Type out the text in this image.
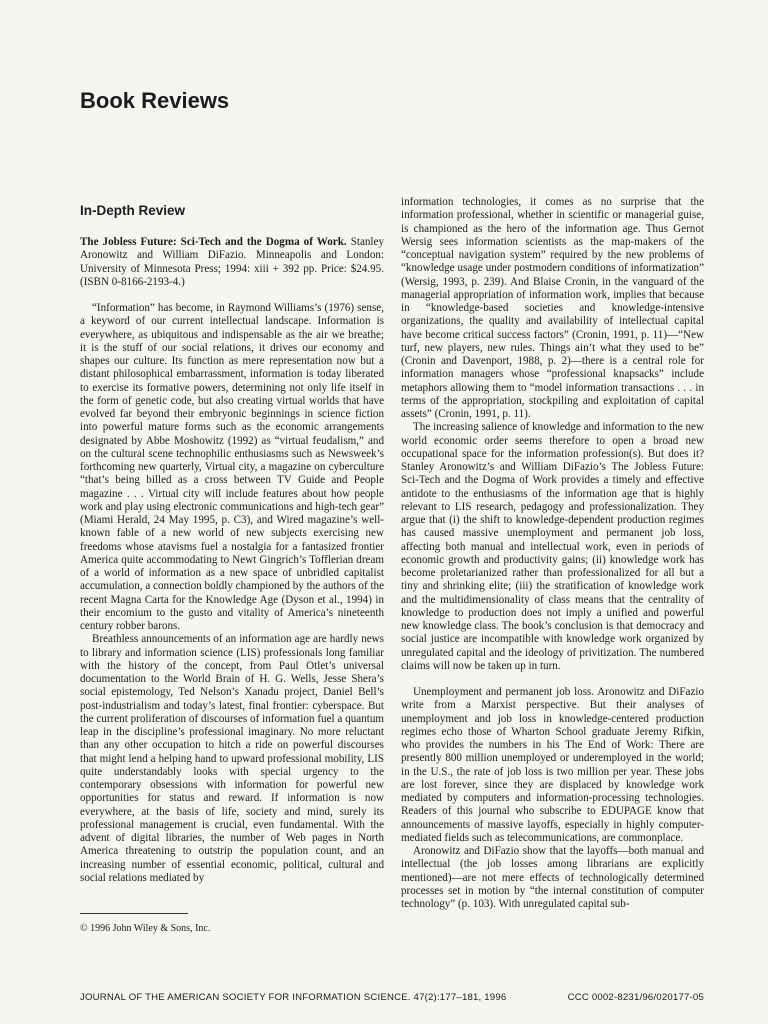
Book Reviews
In-Depth Review

The Jobless Future: Sci-Tech and the Dogma of Work. Stanley Aronowitz and William DiFazio. Minneapolis and London: University of Minnesota Press; 1994: xiii + 392 pp. Price: $24.95. (ISBN 0-8166-2193-4.)

“Information” has become, in Raymond Williams’s (1976) sense, a keyword of our current intellectual landscape. Information is everywhere, as ubiquitous and indispensable as the air we breathe; it is the stuff of our social relations, it drives our economy and shapes our culture. Its function as mere representation now but a distant philosophical embarrassment, information is today liberated to exercise its formative powers, determining not only life itself in the form of genetic code, but also creating virtual worlds that have evolved far beyond their embryonic beginnings in science fiction into powerful mature forms such as the economic arrangements designated by Abbe Moshowitz (1992) as “virtual feudalism,” and on the cultural scene technophilic enthusiasms such as Newsweek’s forthcoming new quarterly, Virtual city, a magazine on cyberculture “that’s being billed as a cross between TV Guide and People magazine . . . Virtual city will include features about how people work and play using electronic communications and high-tech gear” (Miami Herald, 24 May 1995, p. C3), and Wired magazine’s well-known fable of a new world of new subjects exercising new freedoms whose atavisms fuel a nostalgia for a fantasized frontier America quite accommodating to Newt Gingrich’s Tofflerian dream of a world of information as a new space of unbridled capitalist accumulation, a connection boldly championed by the authors of the recent Magna Carta for the Knowledge Age (Dyson et al., 1994) in their encomium to the gusto and vitality of America’s nineteenth century robber barons.

Breathless announcements of an information age are hardly news to library and information science (LIS) professionals long familiar with the history of the concept, from Paul Otlet’s universal documentation to the World Brain of H. G. Wells, Jesse Shera’s social epistemology, Ted Nelson’s Xanadu project, Daniel Bell’s post-industrialism and today’s latest, final frontier: cyberspace. But the current proliferation of discourses of information fuel a quantum leap in the discipline’s professional imaginary. No more reluctant than any other occupation to hitch a ride on powerful discourses that might lend a helping hand to upward professional mobility, LIS quite understandably looks with special urgency to the contemporary obsessions with information for powerful new opportunities for status and reward. If information is now everywhere, at the basis of life, society and mind, surely its professional management is crucial, even fundamental. With the advent of digital libraries, the number of Web pages in North America threatening to outstrip the population count, and an increasing number of essential economic, political, cultural and social relations mediated by

information technologies, it comes as no surprise that the information professional, whether in scientific or managerial guise, is championed as the hero of the information age. Thus Gernot Wersig sees information scientists as the map-makers of the “conceptual navigation system” required by the new problems of “knowledge usage under postmodern conditions of informatization” (Wersig, 1993, p. 239). And Blaise Cronin, in the vanguard of the managerial appropriation of information work, implies that because in “knowledge-based societies and knowledge-intensive organizations, the quality and availability of intellectual capital have become critical success factors” (Cronin, 1991, p. 11)—“New turf, new players, new rules. Things ain’t what they used to be” (Cronin and Davenport, 1988, p. 2)—there is a central role for information managers whose “professional knapsacks” include metaphors allowing them to “model information transactions . . . in terms of the appropriation, stockpiling and exploitation of capital assets” (Cronin, 1991, p. 11).

The increasing salience of knowledge and information to the new world economic order seems therefore to open a broad new occupational space for the information profession(s). But does it? Stanley Aronowitz’s and William DiFazio’s The Jobless Future: Sci-Tech and the Dogma of Work provides a timely and effective antidote to the enthusiasms of the information age that is highly relevant to LIS research, pedagogy and professionalization. They argue that (i) the shift to knowledge-dependent production regimes has caused massive unemployment and permanent job loss, affecting both manual and intellectual work, even in periods of economic growth and productivity gains; (ii) knowledge work has become proletarianized rather than professionalized for all but a tiny and shrinking elite; (iii) the stratification of knowledge work and the multidimensionality of class means that the centrality of knowledge to production does not imply a unified and powerful new knowledge class. The book’s conclusion is that democracy and social justice are incompatible with knowledge work organized by unregulated capital and the ideology of privitization. The numbered claims will now be taken up in turn.

Unemployment and permanent job loss. Aronowitz and DiFazio write from a Marxist perspective. But their analyses of unemployment and job loss in knowledge-centered production regimes echo those of Wharton School graduate Jeremy Rifkin, who provides the numbers in his The End of Work: There are presently 800 million unemployed or underemployed in the world; in the U.S., the rate of job loss is two million per year. These jobs are lost forever, since they are displaced by knowledge work mediated by computers and information-processing technologies. Readers of this journal who subscribe to EDUPAGE know that announcements of massive layoffs, especially in highly computer-mediated fields such as telecommunications, are commonplace.

Aronowitz and DiFazio show that the layoffs—both manual and intellectual (the job losses among librarians are explicitly mentioned)—are not mere effects of technologically determined processes set in motion by “the internal constitution of computer technology” (p. 103). With unregulated capital sub-

© 1996 John Wiley & Sons, Inc.
JOURNAL OF THE AMERICAN SOCIETY FOR INFORMATION SCIENCE. 47(2):177–181, 1996	CCC 0002-8231/96/020177-05
